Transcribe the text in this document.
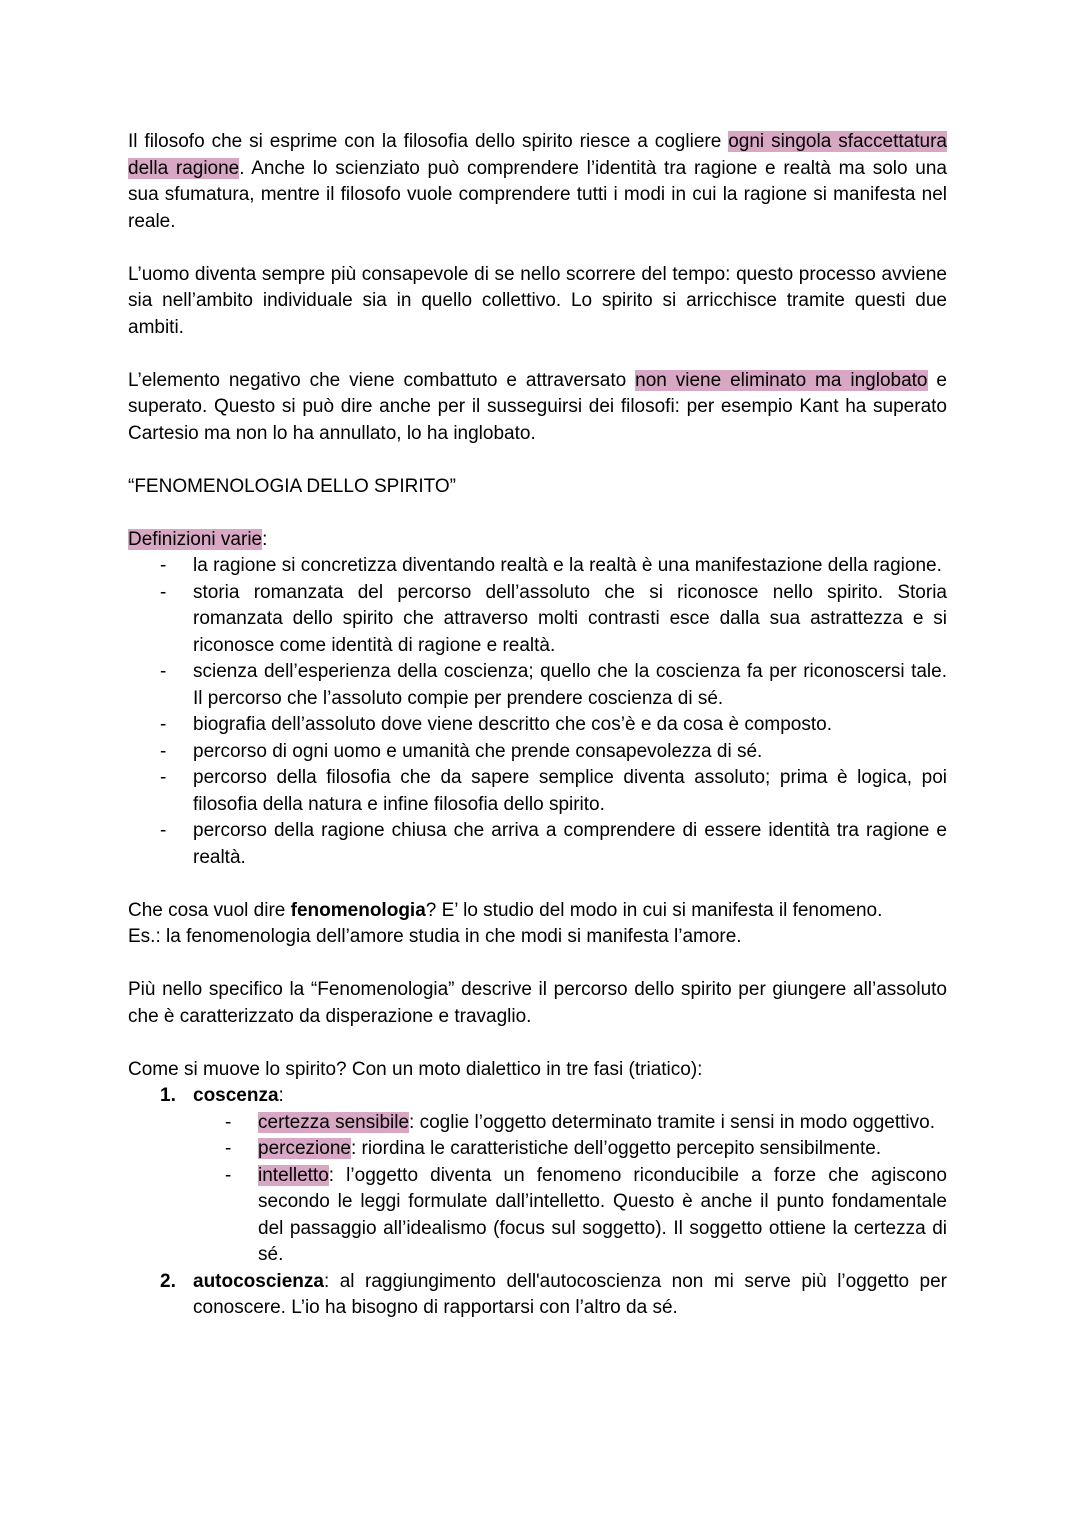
Il filosofo che si esprime con la filosofia dello spirito riesce a cogliere ogni singola sfaccettatura della ragione. Anche lo scienziato può comprendere l’identità tra ragione e realtà ma solo una sua sfumatura, mentre il filosofo vuole comprendere tutti i modi in cui la ragione si manifesta nel reale.

L’uomo diventa sempre più consapevole di se nello scorrere del tempo: questo processo avviene sia nell’ambito individuale sia in quello collettivo. Lo spirito si arricchisce tramite questi due ambiti.

L’elemento negativo che viene combattuto e attraversato non viene eliminato ma inglobato e superato. Questo si può dire anche per il susseguirsi dei filosofi: per esempio Kant ha superato Cartesio ma non lo ha annullato, lo ha inglobato.

“FENOMENOLOGIA DELLO SPIRITO”

Definizioni varie:

- la ragione si concretizza diventando realtà e la realtà è una manifestazione della ragione.
- storia romanzata del percorso dell’assoluto che si riconosce nello spirito. Storia romanzata dello spirito che attraverso molti contrasti esce dalla sua astrattezza e si riconosce come identità di ragione e realtà.
- scienza dell’esperienza della coscienza; quello che la coscienza fa per riconoscersi tale. Il percorso che l’assoluto compie per prendere coscienza di sé.
- biografia dell’assoluto dove viene descritto che cos’è e da cosa è composto.
- percorso di ogni uomo e umanità che prende consapevolezza di sé.
- percorso della filosofia che da sapere semplice diventa assoluto; prima è logica, poi filosofia della natura e infine filosofia dello spirito.
- percorso della ragione chiusa che arriva a comprendere di essere identità tra ragione e realtà.

Che cosa vuol dire fenomenologia? E’ lo studio del modo in cui si manifesta il fenomeno.
Es.: la fenomenologia dell’amore studia in che modi si manifesta l’amore.

Più nello specifico la “Fenomenologia” descrive il percorso dello spirito per giungere all’assoluto che è caratterizzato da disperazione e travaglio.

Come si muove lo spirito? Con un moto dialettico in tre fasi (triatico):

1. coscenza:
- certezza sensibile: coglie l’oggetto determinato tramite i sensi in modo oggettivo.
- percezione: riordina le caratteristiche dell’oggetto percepito sensibilmente.
- intelletto: l’oggetto diventa un fenomeno riconducibile a forze che agiscono secondo le leggi formulate dall’intelletto. Questo è anche il punto fondamentale del passaggio all’idealismo (focus sul soggetto). Il soggetto ottiene la certezza di sé.
2. autocoscienza: al raggiungimento dell'autocoscienza non mi serve più l’oggetto per conoscere. L’io ha bisogno di rapportarsi con l’altro da sé.
